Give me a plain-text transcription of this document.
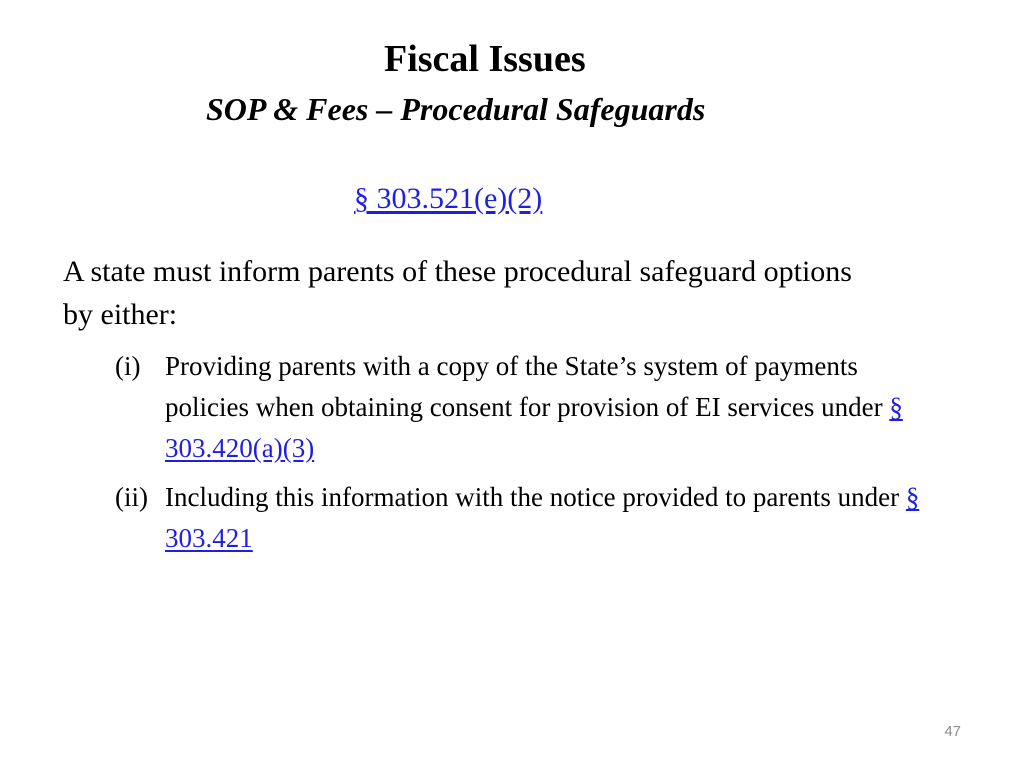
Fiscal Issues
SOP & Fees – Procedural Safeguards
§ 303.521(e)(2)
A state must inform parents of these procedural safeguard options by either:
(i) Providing parents with a copy of the State’s system of payments policies when obtaining consent for provision of EI services under § 303.420(a)(3)
(ii) Including this information with the notice provided to parents under § 303.421
47
